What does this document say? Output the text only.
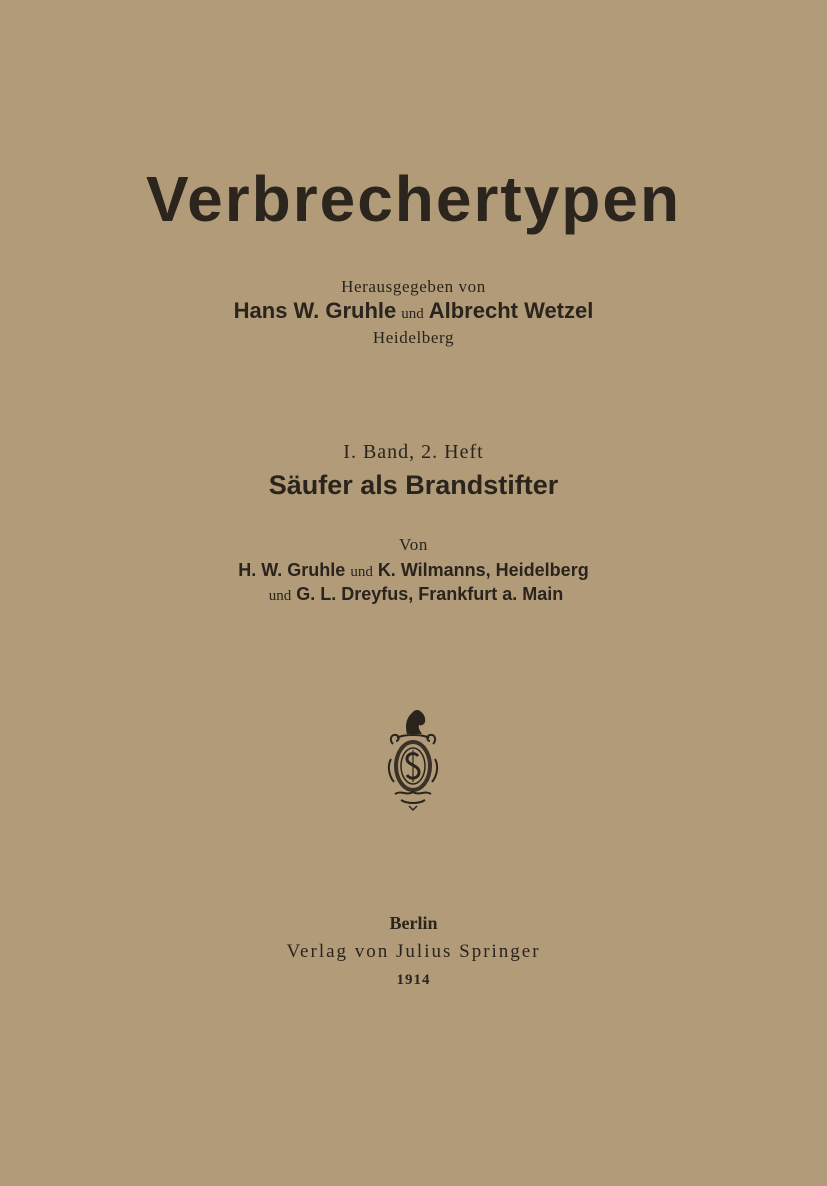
Verbrechertypen
Herausgegeben von
Hans W. Gruhle und Albrecht Wetzel
Heidelberg
I. Band, 2. Heft
Säufer als Brandstifter
Von
H. W. Gruhle und K. Wilmanns, Heidelberg
und G. L. Dreyfus, Frankfurt a. Main
Berlin
Verlag von Julius Springer
1914
